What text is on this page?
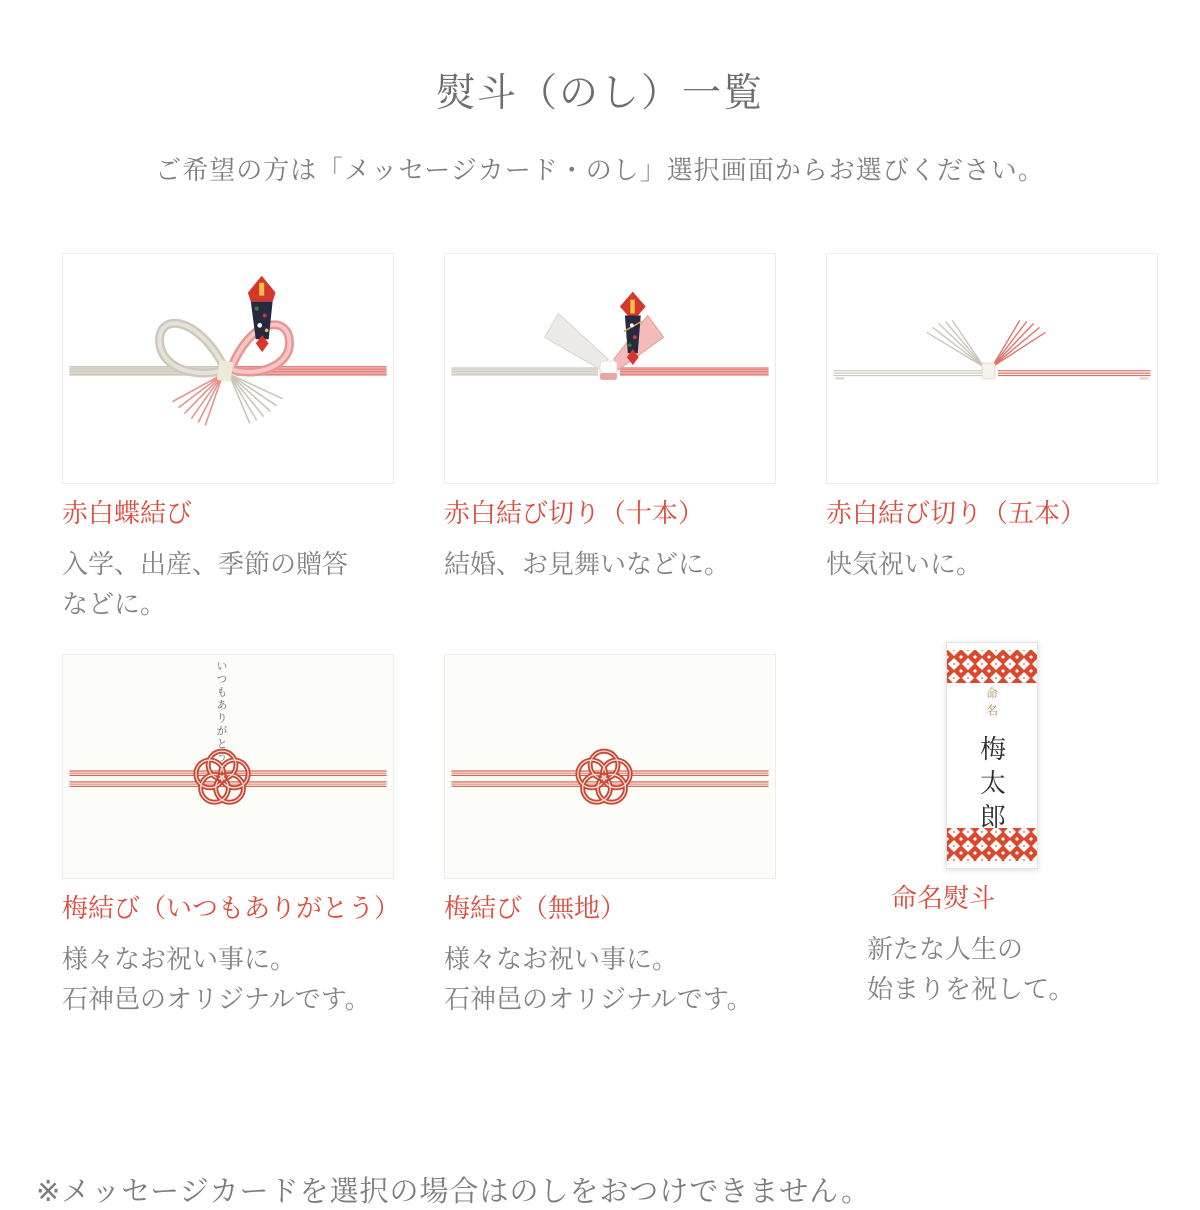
熨斗（のし）一覧

ご希望の方は「メッセージカード・のし」選択画面からお選びください。

赤白蝶結び

入学、出産、季節の贈答

などに。

赤白結び切り（十本）

結婚、お見舞いなどに。

赤白結び切り（五本）

快気祝いに。

いつもありがとう
梅結び（いつもありがとう）

様々なお祝い事に。

石神邑のオリジナルです。

梅結び（無地）

様々なお祝い事に。

石神邑のオリジナルです。

命名
梅太郎
命名熨斗

新たな人生の

始まりを祝して。

※メッセージカードを選択の場合はのしをおつけできません。
